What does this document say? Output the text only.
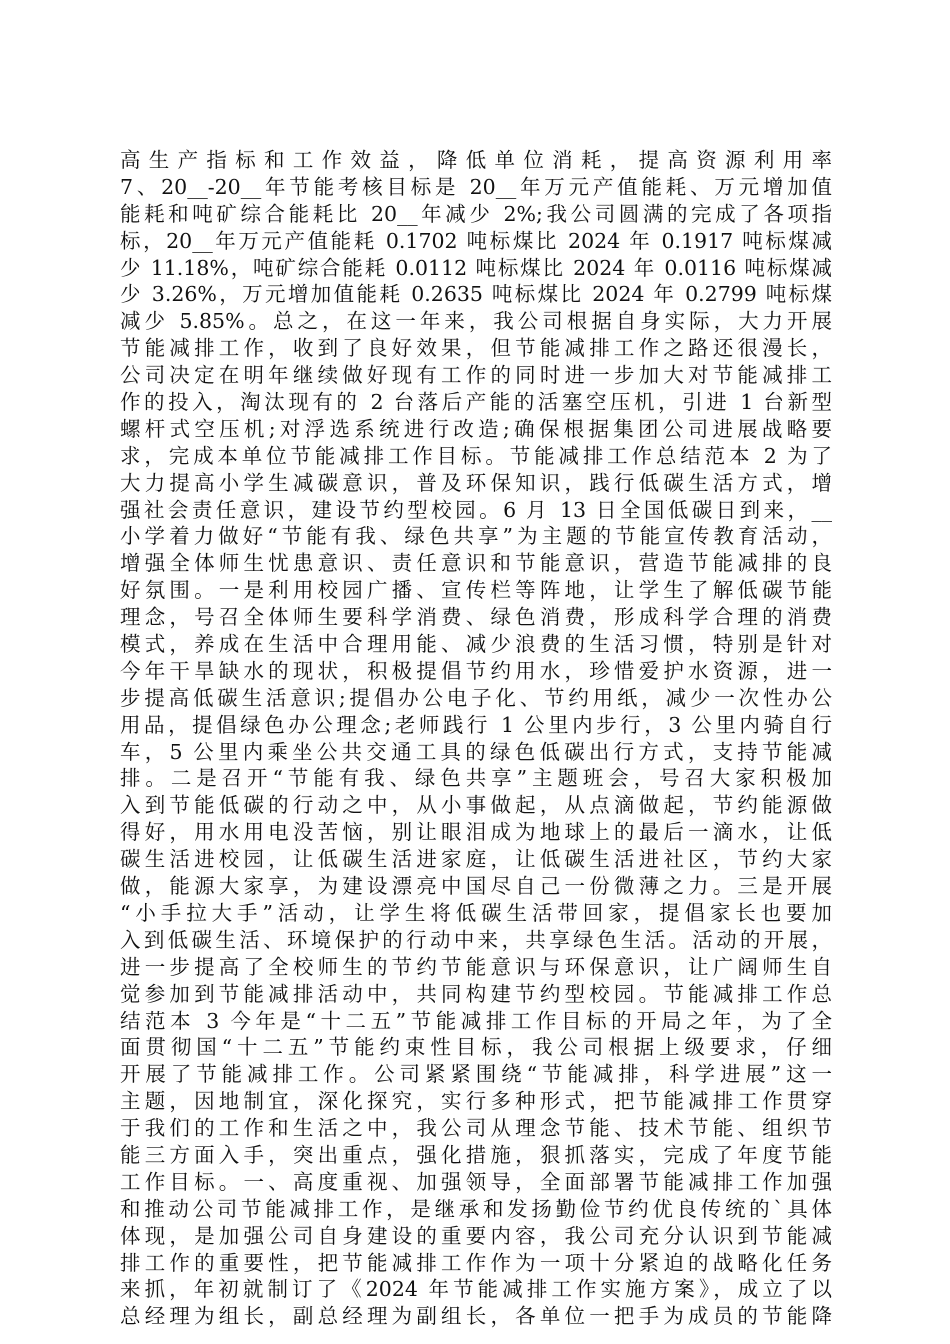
高生产指标和工作效益，降低单位消耗，提高资源利用率
7、20__-20__年节能考核目标是 20__年万元产值能耗、万元增加值
能耗和吨矿综合能耗比 20__年减少 2%;我公司圆满的完成了各项指
标，20__年万元产值能耗 0.1702 吨标煤比 2024 年 0.1917 吨标煤减
少 11.18%，吨矿综合能耗 0.0112 吨标煤比 2024 年 0.0116 吨标煤减
少 3.26%，万元增加值能耗 0.2635 吨标煤比 2024 年 0.2799 吨标煤
减少 5.85%。总之，在这一年来，我公司根据自身实际，大力开展
节能减排工作，收到了良好效果，但节能减排工作之路还很漫长，
公司决定在明年继续做好现有工作的同时进一步加大对节能减排工
作的投入，淘汰现有的 2 台落后产能的活塞空压机，引进 1 台新型
螺杆式空压机;对浮选系统进行改造;确保根据集团公司进展战略要
求，完成本单位节能减排工作目标。节能减排工作总结范本 2 为了
大力提高小学生减碳意识，普及环保知识，践行低碳生活方式，增
强社会责任意识，建设节约型校园。6 月 13 日全国低碳日到来，__
小学着力做好“节能有我、绿色共享”为主题的节能宣传教育活动，
增强全体师生忧患意识、责任意识和节能意识，营造节能减排的良
好氛围。一是利用校园广播、宣传栏等阵地，让学生了解低碳节能
理念，号召全体师生要科学消费、绿色消费，形成科学合理的消费
模式，养成在生活中合理用能、减少浪费的生活习惯，特别是针对
今年干旱缺水的现状，积极提倡节约用水，珍惜爱护水资源，进一
步提高低碳生活意识;提倡办公电子化、节约用纸，减少一次性办公
用品，提倡绿色办公理念;老师践行 1 公里内步行，3 公里内骑自行
车，5 公里内乘坐公共交通工具的绿色低碳出行方式，支持节能减
排。二是召开“节能有我、绿色共享”主题班会，号召大家积极加
入到节能低碳的行动之中，从小事做起，从点滴做起，节约能源做
得好，用水用电没苦恼，别让眼泪成为地球上的最后一滴水，让低
碳生活进校园，让低碳生活进家庭，让低碳生活进社区，节约大家
做，能源大家享，为建设漂亮中国尽自己一份微薄之力。三是开展
“小手拉大手”活动，让学生将低碳生活带回家，提倡家长也要加
入到低碳生活、环境保护的行动中来，共享绿色生活。活动的开展，
进一步提高了全校师生的节约节能意识与环保意识，让广阔师生自
觉参加到节能减排活动中，共同构建节约型校园。节能减排工作总
结范本 3 今年是“十二五”节能减排工作目标的开局之年，为了全
面贯彻国“十二五”节能约束性目标，我公司根据上级要求，仔细
开展了节能减排工作。公司紧紧围绕“节能减排，科学进展”这一
主题，因地制宜，深化探究，实行多种形式，把节能减排工作贯穿
于我们的工作和生活之中，我公司从理念节能、技术节能、组织节
能三方面入手，突出重点，强化措施，狠抓落实，完成了年度节能
工作目标。一、高度重视、加强领导，全面部署节能减排工作加强
和推动公司节能减排工作，是继承和发扬勤俭节约优良传统的`具体
体现，是加强公司自身建设的重要内容，我公司充分认识到节能减
排工作的重要性，把节能减排工作作为一项十分紧迫的战略化任务
来抓，年初就制订了《2024 年节能减排工作实施方案》，成立了以
总经理为组长，副总经理为副组长，各单位一把手为成员的节能降
